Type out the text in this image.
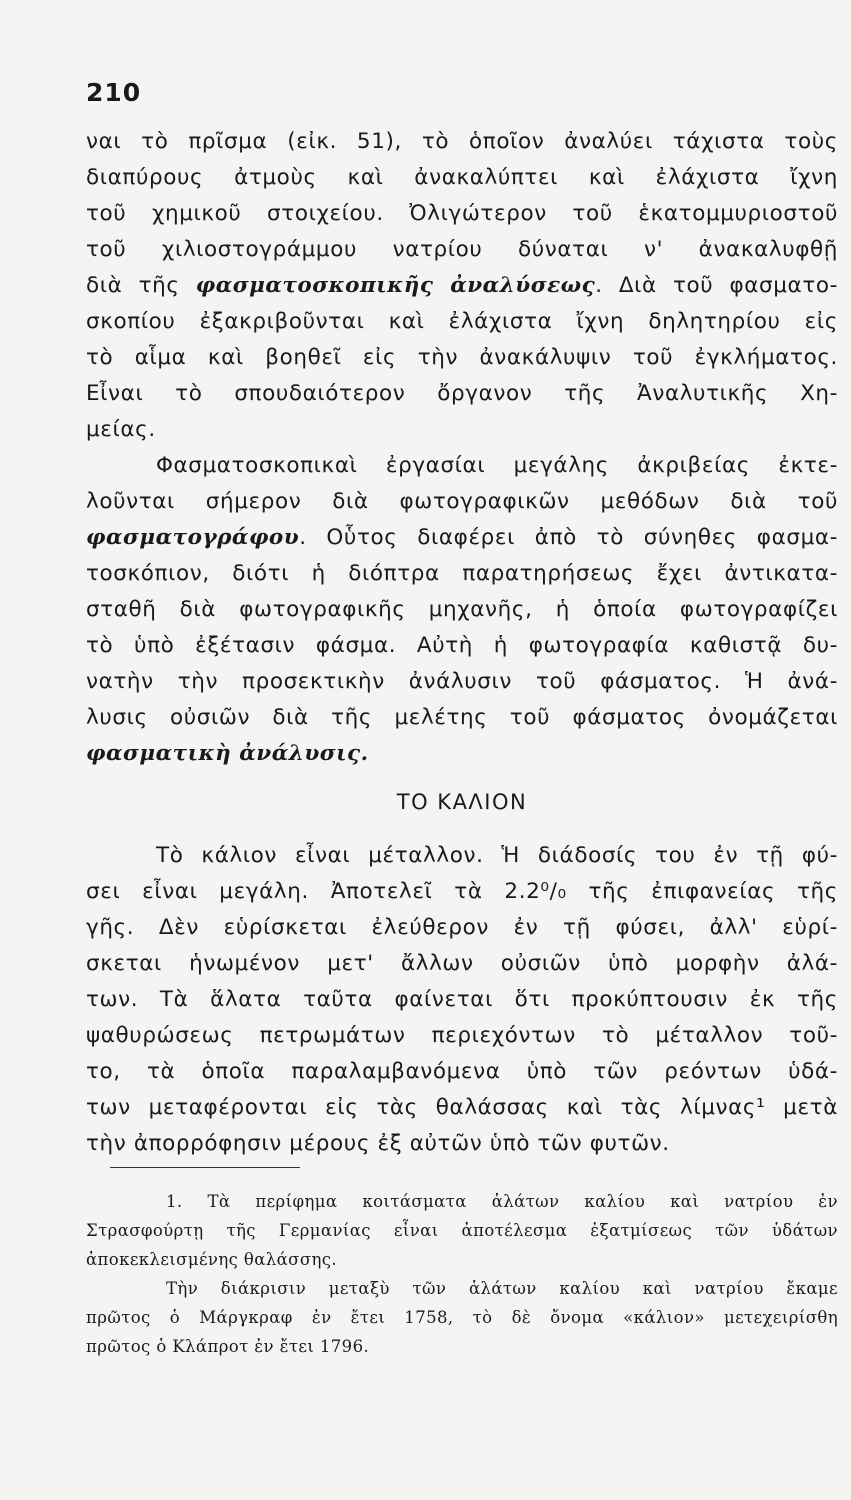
210
ναι τὸ πρῖσμα (εἰκ. 51), τὸ ὁποῖον ἀναλύει τάχιστα τοὺς
διαπύρους ἀτμοὺς καὶ ἀνακαλύπτει καὶ ἐλάχιστα ἴχνη
τοῦ χημικοῦ στοιχείου. Ὀλιγώτερον τοῦ ἑκατομμυριοστοῦ
τοῦ χιλιοστογράμμου νατρίου δύναται ν' ἀνακαλυφθῇ
διὰ τῆς φασματοσκοπικῆς ἀναλύσεως. Διὰ τοῦ φασματο-
σκοπίου ἐξακριβοῦνται καὶ ἐλάχιστα ἴχνη δηλητηρίου εἰς
τὸ αἷμα καὶ βοηθεῖ εἰς τὴν ἀνακάλυψιν τοῦ ἐγκλήματος.
Εἶναι τὸ σπουδαιότερον ὄργανον τῆς Ἀναλυτικῆς Χη-
μείας.
Φασματοσκοπικαὶ ἐργασίαι μεγάλης ἀκριβείας ἐκτε-
λοῦνται σήμερον διὰ φωτογραφικῶν μεθόδων διὰ τοῦ
φασματογράφου. Οὗτος διαφέρει ἀπὸ τὸ σύνηθες φασμα-
τοσκόπιον, διότι ἡ διόπτρα παρατηρήσεως ἔχει ἀντικατα-
σταθῆ διὰ φωτογραφικῆς μηχανῆς, ἡ ὁποία φωτογραφίζει
τὸ ὑπὸ ἐξέτασιν φάσμα. Αὐτὴ ἡ φωτογραφία καθιστᾷ δυ-
νατὴν τὴν προσεκτικὴν ἀνάλυσιν τοῦ φάσματος. Ἡ ἀνά-
λυσις οὐσιῶν διὰ τῆς μελέτης τοῦ φάσματος ὀνομάζεται
φασματικὴ ἀνάλυσις.
ΤΟ ΚΑΛΙΟΝ
Τὸ κάλιον εἶναι μέταλλον. Ἡ διάδοσίς του ἐν τῇ φύ-
σει εἶναι μεγάλη. Ἀποτελεῖ τὰ 2.2⁰/₀ τῆς ἐπιφανείας τῆς
γῆς. Δὲν εὑρίσκεται ἐλεύθερον ἐν τῇ φύσει, ἀλλ' εὑρί-
σκεται ἡνωμένον μετ' ἄλλων οὐσιῶν ὑπὸ μορφὴν ἀλά-
των. Τὰ ἅλατα ταῦτα φαίνεται ὅτι προκύπτουσιν ἐκ τῆς
ψαθυρώσεως πετρωμάτων περιεχόντων τὸ μέταλλον τοῦ-
το, τὰ ὁποῖα παραλαμβανόμενα ὑπὸ τῶν ρεόντων ὑδά-
των μεταφέρονται εἰς τὰς θαλάσσας καὶ τὰς λίμνας¹ μετὰ
τὴν ἀπορρόφησιν μέρους ἐξ αὐτῶν ὑπὸ τῶν φυτῶν.
1. Τὰ περίφημα κοιτάσματα ἁλάτων καλίου καὶ νατρίου ἐν
Στρασφούρτῃ τῆς Γερμανίας εἶναι ἀποτέλεσμα ἐξατμίσεως τῶν ὑδάτων
ἀποκεκλεισμένης θαλάσσης.
Τὴν διάκρισιν μεταξὺ τῶν ἁλάτων καλίου καὶ νατρίου ἔκαμε
πρῶτος ὁ Μάργκραφ ἐν ἔτει 1758, τὸ δὲ ὄνομα «κάλιον» μετεχειρίσθη
πρῶτος ὁ Κλάπροτ ἐν ἔτει 1796.
